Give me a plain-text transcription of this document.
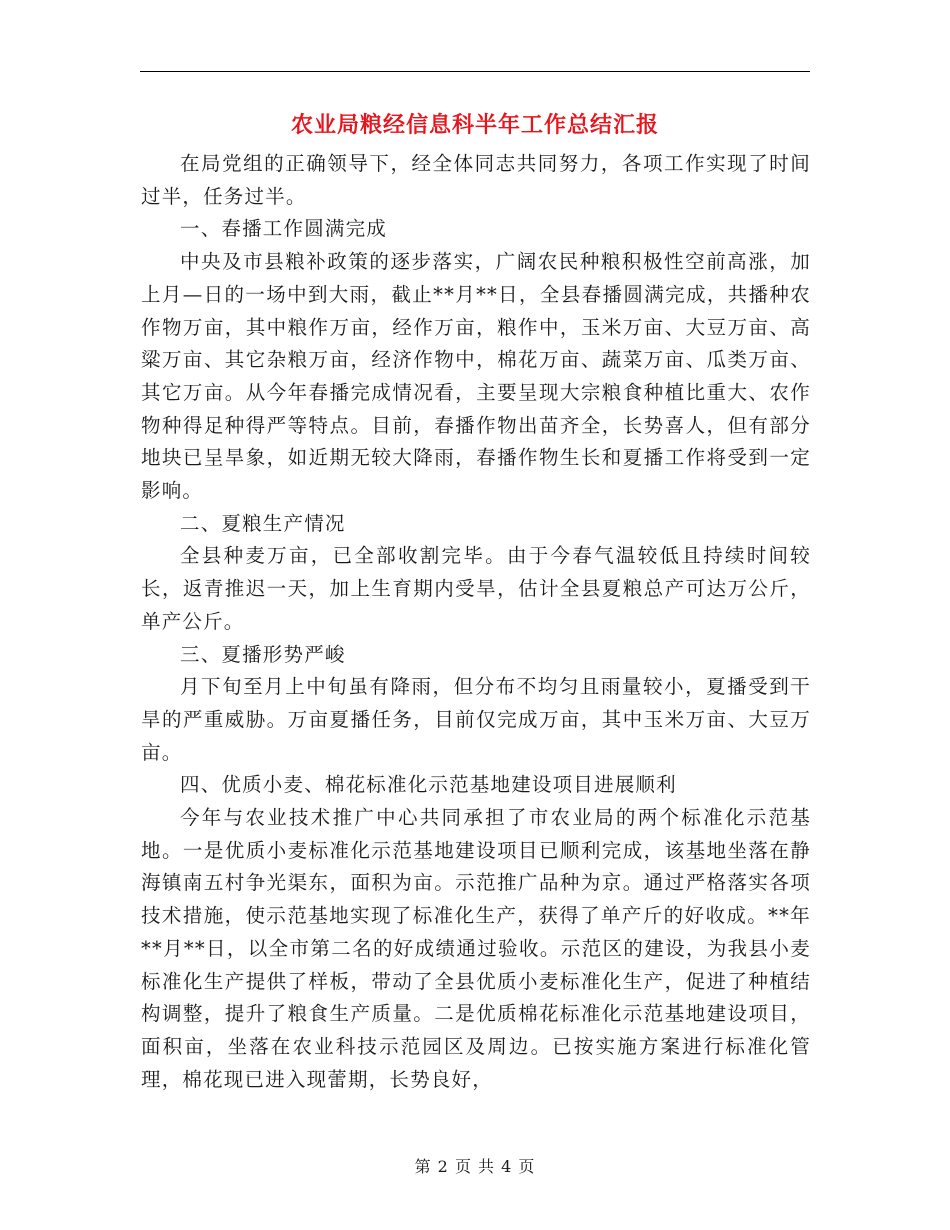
农业局粮经信息科半年工作总结汇报

在局党组的正确领导下，经全体同志共同努力，各项工作实现了时间过半，任务过半。

一、春播工作圆满完成

中央及市县粮补政策的逐步落实，广阔农民种粮积极性空前高涨，加上月—日的一场中到大雨，截止**月**日，全县春播圆满完成，共播种农作物万亩，其中粮作万亩，经作万亩，粮作中，玉米万亩、大豆万亩、高粱万亩、其它杂粮万亩，经济作物中，棉花万亩、蔬菜万亩、瓜类万亩、其它万亩。从今年春播完成情况看，主要呈现大宗粮食种植比重大、农作物种得足种得严等特点。目前，春播作物出苗齐全，长势喜人，但有部分地块已呈旱象，如近期无较大降雨，春播作物生长和夏播工作将受到一定影响。

二、夏粮生产情况

全县种麦万亩，已全部收割完毕。由于今春气温较低且持续时间较长，返青推迟一天，加上生育期内受旱，估计全县夏粮总产可达万公斤，单产公斤。

三、夏播形势严峻

月下旬至月上中旬虽有降雨，但分布不均匀且雨量较小，夏播受到干旱的严重威胁。万亩夏播任务，目前仅完成万亩，其中玉米万亩、大豆万亩。

四、优质小麦、棉花标准化示范基地建设项目进展顺利

今年与农业技术推广中心共同承担了市农业局的两个标准化示范基地。一是优质小麦标准化示范基地建设项目已顺利完成，该基地坐落在静海镇南五村争光渠东，面积为亩。示范推广品种为京。通过严格落实各项技术措施，使示范基地实现了标准化生产，获得了单产斤的好收成。**年**月**日，以全市第二名的好成绩通过验收。示范区的建设，为我县小麦标准化生产提供了样板，带动了全县优质小麦标准化生产，促进了种植结构调整，提升了粮食生产质量。二是优质棉花标准化示范基地建设项目，面积亩，坐落在农业科技示范园区及周边。已按实施方案进行标准化管理，棉花现已进入现蕾期，长势良好，

第 2 页 共 4 页
